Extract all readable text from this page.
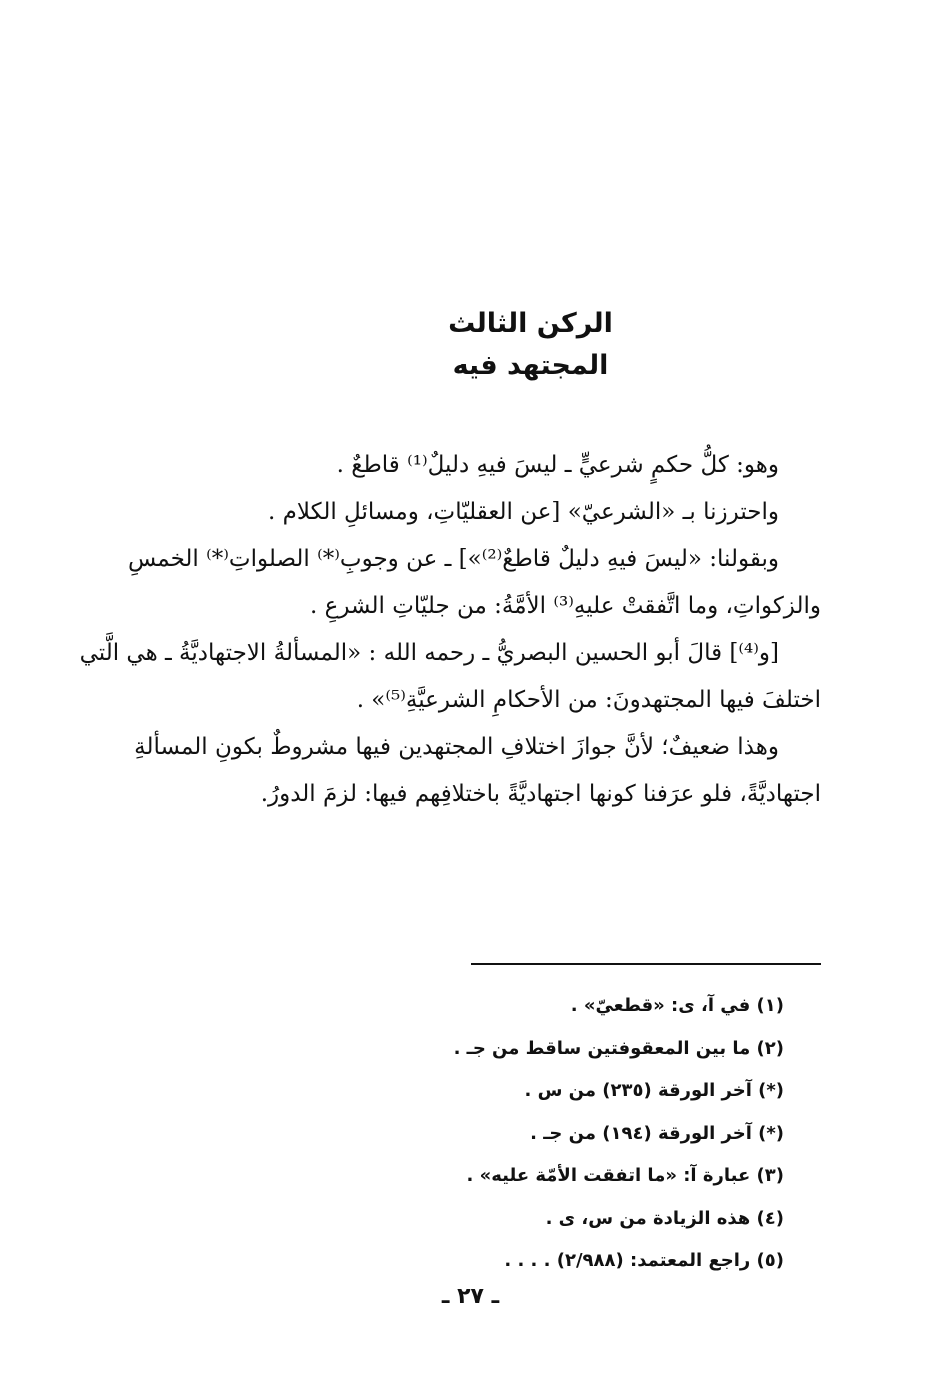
الركن الثالث
المجتهد فيه
وهو: كلُّ حكمٍ شرعيٍّ ـ ليسَ فيهِ دليلٌ⁽¹⁾ قاطعٌ .
واحترزنا بـ «الشرعيّ» [عن العقليّاتِ، ومسائلِ الكلام .
وبقولنا: «ليسَ فيهِ دليلٌ قاطعٌ⁽²⁾»] ـ عن وجوبِ⁽*⁾ الصلواتِ⁽*⁾ الخمسِ
والزكواتِ، وما اتَّفقتْ عليهِ⁽³⁾ الأمَّةُ: من جليّاتِ الشرعِ .
[و⁽⁴⁾] قالَ أبو الحسين البصريُّ ـ رحمه الله : «المسألةُ الاجتهاديَّةُ ـ هي الَّتي
اختلفَ فيها المجتهدونَ: من الأحكامِ الشرعيَّةِ⁽⁵⁾» .
وهذا ضعيفٌ؛ لأنَّ جوازَ اختلافِ المجتهدين فيها مشروطٌ بكونِ المسألةِ
اجتهاديَّةً، فلو عرَفنا كونها اجتهاديَّةً باختلافِهم فيها: لزمَ الدورُ.
(١) في آ، ى: «قطعيّ» .
(٢) ما بين المعقوفتين ساقط من جـ .
(*) آخر الورقة (٢٣٥) من س .
(*) آخر الورقة (١٩٤) من جـ .
(٣) عبارة آ: «ما اتفقت الأمّة عليه» .
(٤) هذه الزيادة من س، ى .
(٥) راجع المعتمد: (٢/٩٨٨) . . . .
ـ ٢٧ ـ
